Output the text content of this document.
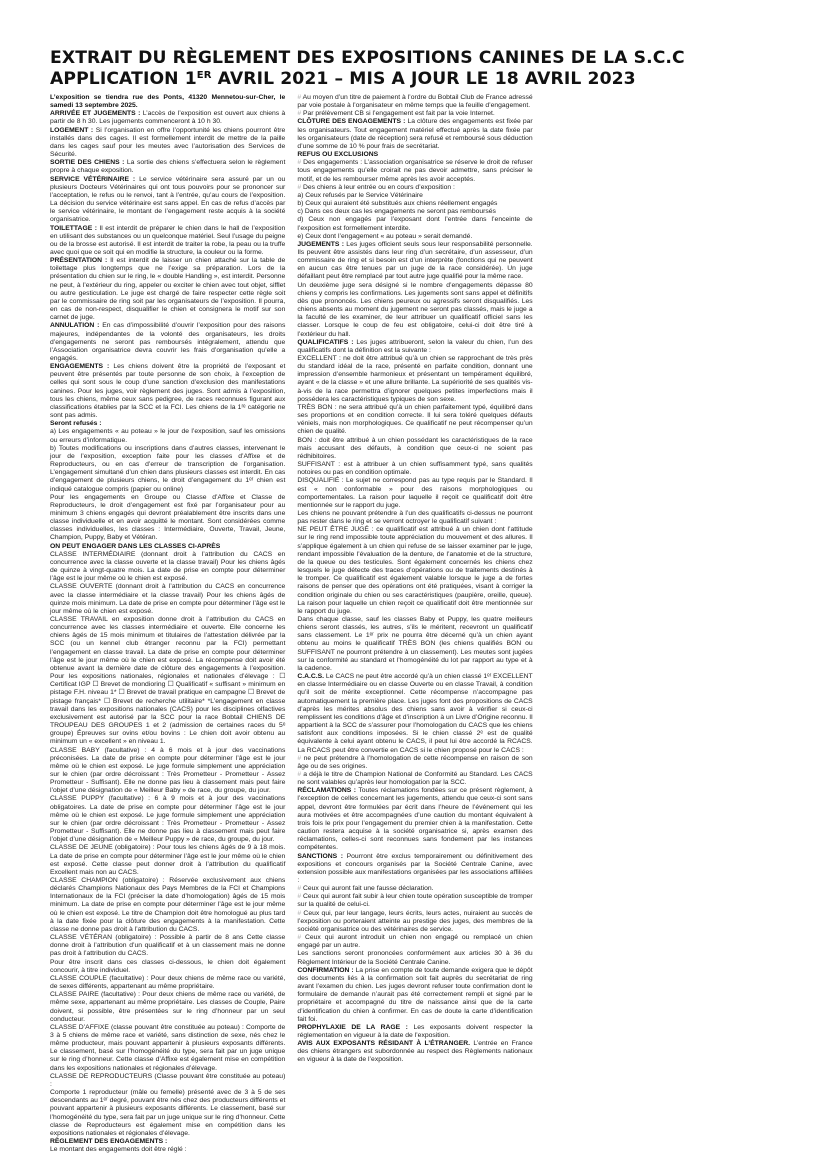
EXTRAIT DU RÈGLEMENT DES EXPOSITIONS CANINES DE LA S.C.C
APPLICATION 1ER AVRIL 2021 – MIS A JOUR LE 18 AVRIL 2023

L’exposition se tiendra rue des Ponts, 41320 Mennetou-sur-Cher, le samedi 13 septembre 2025.

ARRIVÉE ET JUGEMENTS : L’accès de l’exposition est ouvert aux chiens à partir de 8 h 30. Les jugements commenceront à 10 h 30.

LOGEMENT : Si l’organisation en offre l’opportunité les chiens pourront être installés dans des cages. Il est formellement interdit de mettre de la paille dans les cages sauf pour les meutes avec l’autorisation des Services de Sécurité.

SORTIE DES CHIENS : La sortie des chiens s’effectuera selon le règlement propre à chaque exposition.

SERVICE VÉTÉRINAIRE : Le service vétérinaire sera assuré par un ou plusieurs Docteurs Vétérinaires qui ont tous pouvoirs pour se prononcer sur l’acceptation, le refus ou le renvoi, tant à l’entrée, qu’au cours de l’exposition. La décision du service vétérinaire est sans appel. En cas de refus d’accès par le service vétérinaire, le montant de l’engagement reste acquis à la société organisatrice.

TOILETTAGE : Il est interdit de préparer le chien dans le hall de l’exposition en utilisant des substances ou un quelconque matériel. Seul l’usage du peigne ou de la brosse est autorisé. Il est interdit de traiter la robe, la peau ou la truffe avec quoi que ce soit qui en modifie la structure, la couleur ou la forme.

PRÉSENTATION : Il est interdit de laisser un chien attaché sur la table de toilettage plus longtemps que ne l’exige sa préparation. Lors de la présentation du chien sur le ring, le « double Handling », est interdit. Personne ne peut, à l’extérieur du ring, appeler ou exciter le chien avec tout objet, sifflet ou autre gesticulation. Le juge est chargé de faire respecter cette règle soit par le commissaire de ring soit par les organisateurs de l’exposition. Il pourra, en cas de non-respect, disqualifier le chien et consignera le motif sur son carnet de juge.

ANNULATION : En cas d’impossibilité d’ouvrir l’exposition pour des raisons majeures, indépendantes de la volonté des organisateurs, les droits d’engagements ne seront pas remboursés intégralement, attendu que l’Association organisatrice devra couvrir les frais d’organisation qu’elle a engagés.

ENGAGEMENTS : Les chiens doivent être la propriété de l’exposant et peuvent être présentés par toute personne de son choix, à l’exception de celles qui sont sous le coup d’une sanction d’exclusion des manifestations canines. Pour les juges, voir règlement des juges. Sont admis à l’exposition, tous les chiens, même ceux sans pedigree, de races reconnues figurant aux classifications établies par la SCC et la FCI. Les chiens de la 1ʳᵉ catégorie ne sont pas admis.

Seront refusés :

a) Les engagements « au poteau » le jour de l’exposition, sauf les omissions ou erreurs d’informatique.

b) Toutes modifications ou inscriptions dans d’autres classes, intervenant le jour de l’exposition, exception faite pour les classes d’Affixe et de Reproducteurs, ou en cas d’erreur de transcription de l’organisation. L’engagement simultané d’un chien dans plusieurs classes est interdit. En cas d’engagement de plusieurs chiens, le droit d’engagement du 1ᵉʳ chien est indiqué catalogue compris (papier ou online)

Pour les engagements en Groupe ou Classe d’Affixe et Classe de Reproducteurs, le droit d’engagement est fixé par l’organisateur pour au minimum 3 chiens engagés qui devront préalablement être inscrits dans une classe individuelle et en avoir acquitté le montant. Sont considérées comme classes individuelles, les classes : Intermédiaire, Ouverte, Travail, Jeune, Champion, Puppy, Baby et Vétéran.

ON PEUT ENGAGER DANS LES CLASSES CI-APRÈS

CLASSE INTERMÉDIAIRE (donnant droit à l’attribution du CACS en concurrence avec la classe ouverte et la classe travail) Pour les chiens âgés de quinze à vingt-quatre mois. La date de prise en compte pour déterminer l’âge est le jour même où le chien est exposé.

CLASSE OUVERTE (donnant droit à l’attribution du CACS en concurrence avec la classe intermédiaire et la classe travail) Pour les chiens âgés de quinze mois minimum. La date de prise en compte pour déterminer l’âge est le jour même où le chien est exposé.

CLASSE TRAVAIL en exposition donne droit à l’attribution du CACS en concurrence avec les classes intermédiaire et ouverte. Elle concerne les chiens âgés de 15 mois minimum et titulaires de l’attestation délivrée par la SCC (ou un kennel club étranger reconnu par la FCI) permettant l’engagement en classe travail. La date de prise en compte pour déterminer l’âge est le jour même où le chien est exposé. La récompense doit avoir été obtenue avant la dernière date de clôture des engagements à l’exposition. Pour les expositions nationales, régionales et nationales d’élevage : ☐ Certificat IGP ☐ Brevet de mondioring ☐ Qualificatif « suffisant » minimum en pistage F.H. niveau 1* ☐ Brevet de travail pratique en campagne ☐ Brevet de pistage français* ☐ Brevet de recherche utilitaire* *L’engagement en classe travail dans les expositions nationales (CACS) pour les disciplines olfactives exclusivement est autorisé par la SCC pour la race Bobtail CHIENS DE TROUPEAU DES GROUPES 1 et 2 (admission de certaines races du 5ᵉ groupe) Épreuves sur ovins et/ou bovins : Le chien doit avoir obtenu au minimum un « excellent » en niveau 1.

CLASSE BABY (facultative) : 4 à 6 mois et à jour des vaccinations préconisées. La date de prise en compte pour déterminer l’âge est le jour même où le chien est exposé. Le juge formule simplement une appréciation sur le chien (par ordre décroissant : Très Prometteur - Prometteur - Assez Prometteur - Suffisant). Elle ne donne pas lieu à classement mais peut faire l’objet d’une désignation de « Meilleur Baby » de race, du groupe, du jour.

CLASSE PUPPY (facultative) : 6 à 9 mois et à jour des vaccinations obligatoires. La date de prise en compte pour déterminer l’âge est le jour même où le chien est exposé. Le juge formule simplement une appréciation sur le chien (par ordre décroissant : Très Prometteur - Prometteur - Assez Prometteur - Suffisant). Elle ne donne pas lieu à classement mais peut faire l’objet d’une désignation de « Meilleur Puppy » de race, du groupe, du jour.

CLASSE DE JEUNE (obligatoire) : Pour tous les chiens âgés de 9 à 18 mois. La date de prise en compte pour déterminer l’âge est le jour même où le chien est exposé. Cette classe peut donner droit à l’attribution du qualificatif Excellent mais non au CACS.

CLASSE CHAMPION (obligatoire) : Réservée exclusivement aux chiens déclarés Champions Nationaux des Pays Membres de la FCI et Champions Internationaux de la FCI (préciser la date d’homologation) âgés de 15 mois minimum. La date de prise en compte pour déterminer l’âge est le jour même où le chien est exposé. Le titre de Champion doit être homologué au plus tard à la date fixée pour la clôture des engagements à la manifestation. Cette classe ne donne pas droit à l’attribution du CACS.

CLASSE VÉTÉRAN (obligatoire) : Possible à partir de 8 ans Cette classe donne droit à l’attribution d’un qualificatif et à un classement mais ne donne pas droit à l’attribution du CACS.

Pour être inscrit dans ces classes ci-dessous, le chien doit également concourir, à titre individuel.

CLASSE COUPLE (facultative) : Pour deux chiens de même race ou variété, de sexes différents, appartenant au même propriétaire.

CLASSE PAIRE (facultative) : Pour deux chiens de même race ou variété, de même sexe, appartenant au même propriétaire. Les classes de Couple, Paire doivent, si possible, être présentées sur le ring d’honneur par un seul conducteur.

CLASSE D’AFFIXE (classe pouvant être constituée au poteau) : Comporte de 3 à 5 chiens de même race et variété, sans distinction de sexe, nés chez le même producteur, mais pouvant appartenir à plusieurs exposants différents. Le classement, basé sur l’homogénéité du type, sera fait par un juge unique sur le ring d’honneur. Cette classe d’Affixe est également mise en compétition dans les expositions nationales et régionales d’élevage.

CLASSE DE REPRODUCTEURS (Classe pouvant être constituée au poteau) :

Comporte 1 reproducteur (mâle ou femelle) présenté avec de 3 à 5 de ses descendants au 1ᵉʳ degré, pouvant être nés chez des producteurs différents et pouvant appartenir à plusieurs exposants différents. Le classement, basé sur l’homogénéité du type, sera fait par un juge unique sur le ring d’honneur. Cette classe de Reproducteurs est également mise en compétition dans les expositions nationales et régionales d’élevage.

RÈGLEMENT DES ENGAGEMENTS :

Le montant des engagements doit être réglé :

# Au moyen d’un titre de paiement à l’ordre du Bobtail Club de France adressé par voie postale à l’organisateur en même temps que la feuille d’engagement.

# Par prélèvement CB si l’engagement est fait par la voie Internet.

CLÔTURE DES ENGAGEMENTS : La clôture des engagements est fixée par les organisateurs. Tout engagement matériel effectué après la date fixée par les organisateurs (date de réception) sera refusé et remboursé sous déduction d’une somme de 10 % pour frais de secrétariat.

REFUS OU EXCLUSIONS

# Des engagements : L’association organisatrice se réserve le droit de refuser tous engagements qu’elle croirait ne pas devoir admettre, sans préciser le motif, et de les rembourser même après les avoir acceptés.

# Des chiens à leur entrée ou en cours d’exposition :

a) Ceux refusés par le Service Vétérinaire

b) Ceux qui auraient été substitués aux chiens réellement engagés

c) Dans ces deux cas les engagements ne seront pas remboursés

d) Ceux non engagés par l’exposant dont l’entrée dans l’enceinte de l’exposition est formellement interdite.

e) Ceux dont l’engagement « au poteau » serait demandé.

JUGEMENTS : Les juges officient seuls sous leur responsabilité personnelle. Ils peuvent être assistés dans leur ring d’un secrétaire, d’un assesseur, d’un commissaire de ring et si besoin est d’un interprète (fonctions qui ne peuvent en aucun cas être tenues par un juge de la race considérée). Un juge défaillant peut être remplacé par tout autre juge qualifié pour la même race.

Un deuxième juge sera désigné si le nombre d’engagements dépasse 80 chiens y compris les confirmations. Les jugements sont sans appel et définitifs dès que prononcés. Les chiens peureux ou agressifs seront disqualifiés. Les chiens absents au moment du jugement ne seront pas classés, mais le juge a la faculté de les examiner, de leur attribuer un qualificatif officiel sans les classer. Lorsque le coup de feu est obligatoire, celui-ci doit être tiré à l’extérieur du hall.

QUALIFICATIFS : Les juges attribueront, selon la valeur du chien, l’un des qualificatifs dont la définition est la suivante :

EXCELLENT : ne doit être attribué qu’à un chien se rapprochant de très près du standard idéal de la race, présenté en parfaite condition, donnant une impression d’ensemble harmonieux et présentant un tempérament équilibré, ayant « de la classe » et une allure brillante. La supériorité de ses qualités vis-à-vis de la race permettra d’ignorer quelques petites imperfections mais il possédera les caractéristiques typiques de son sexe.

TRÈS BON : ne sera attribué qu’à un chien parfaitement typé, équilibré dans ses proportions et en condition correcte. Il lui sera toléré quelques défauts véniels, mais non morphologiques. Ce qualificatif ne peut récompenser qu’un chien de qualité.

BON : doit être attribué à un chien possédant les caractéristiques de la race mais accusant des défauts, à condition que ceux-ci ne soient pas rédhibitoires.

SUFFISANT : est à attribuer à un chien suffisamment typé, sans qualités notoires ou pas en condition optimale.

DISQUALIFIÉ : Le sujet ne correspond pas au type requis par le Standard. Il est « non conformable » pour des raisons morphologiques ou comportementales. La raison pour laquelle il reçoit ce qualificatif doit être mentionnée sur le rapport du juge.

Les chiens ne pouvant prétendre à l’un des qualificatifs ci-dessus ne pourront pas rester dans le ring et se verront octroyer le qualificatif suivant :

NE PEUT ÊTRE JUGÉ : ce qualificatif est attribué à un chien dont l’attitude sur le ring rend impossible toute appréciation du mouvement et des allures. Il s’applique également à un chien qui refuse de se laisser examiner par le juge, rendant impossible l’évaluation de la denture, de l’anatomie et de la structure, de la queue ou des testicules. Sont également concernés les chiens chez lesquels le juge détecte des traces d’opérations ou de traitements destinés à le tromper. Ce qualificatif est également valable lorsque le juge a de fortes raisons de penser que des opérations ont été pratiquées, visant à corriger la condition originale du chien ou ses caractéristiques (paupière, oreille, queue). La raison pour laquelle un chien reçoit ce qualificatif doit être mentionnée sur le rapport du juge.

Dans chaque classe, sauf les classes Baby et Puppy, les quatre meilleurs chiens seront classés, les autres, s’ils le méritent, recevront un qualificatif sans classement. Le 1ᵉʳ prix ne pourra être décerné qu’à un chien ayant obtenu au moins le qualificatif TRÈS BON (les chiens qualifiés BON ou SUFFISANT ne pourront prétendre à un classement). Les meutes sont jugées sur la conformité au standard et l’homogénéité du lot par rapport au type et à la cadence.

C.A.C.S. Le CACS ne peut être accordé qu’à un chien classé 1ᵉʳ EXCELLENT en classe Intermédiaire ou en classe Ouverte ou en classe Travail, à condition qu’il soit de mérite exceptionnel. Cette récompense n’accompagne pas automatiquement la première place. Les juges font des propositions de CACS d’après les mérites absolus des chiens sans avoir à vérifier si ceux-ci remplissent les conditions d’âge et d’inscription à un Livre d’Origine reconnu. Il appartient à la SCC de s’assurer pour l’homologation du CACS que les chiens satisfont aux conditions imposées. Si le chien classé 2ᵉ est de qualité équivalente à celui ayant obtenu le CACS, il peut lui être accordé la RCACS. La RCACS peut être convertie en CACS si le chien proposé pour le CACS :

# ne peut prétendre à l’homologation de cette récompense en raison de son âge ou de ses origines.

# a déjà le titre de Champion National de Conformité au Standard. Les CACS ne sont valables qu’après leur homologation par la SCC.

RÉCLAMATIONS : Toutes réclamations fondées sur ce présent règlement, à l’exception de celles concernant les jugements, attendu que ceux-ci sont sans appel, devront être formulées par écrit dans l’heure de l’événement qui les aura motivées et être accompagnées d’une caution du montant équivalent à trois fois le prix pour l’engagement du premier chien à la manifestation. Cette caution restera acquise à la société organisatrice si, après examen des réclamations, celles-ci sont reconnues sans fondement par les instances compétentes.

SANCTIONS : Pourront être exclus temporairement ou définitivement des expositions et concours organisés par la Société Centrale Canine, avec extension possible aux manifestations organisées par les associations affiliées :

# Ceux qui auront fait une fausse déclaration.

# Ceux qui auront fait subir à leur chien toute opération susceptible de tromper sur la qualité de celui-ci.

# Ceux qui, par leur langage, leurs écrits, leurs actes, nuiraient au succès de l’exposition ou porteraient atteinte au prestige des juges, des membres de la société organisatrice ou des vétérinaires de service.

# Ceux qui auront introduit un chien non engagé ou remplacé un chien engagé par un autre.

Les sanctions seront prononcées conformément aux articles 30 à 36 du Règlement Intérieur de la Société Centrale Canine.

CONFIRMATION : La prise en compte de toute demande exigera que le dépôt des documents liés à la confirmation soit fait auprès du secrétariat de ring avant l’examen du chien. Les juges devront refuser toute confirmation dont le formulaire de demande n’aurait pas été correctement rempli et signé par le propriétaire et accompagné du titre de naissance ainsi que de la carte d’identification du chien à confirmer. En cas de doute la carte d’identification fait foi.

PROPHYLAXIE DE LA RAGE : Les exposants doivent respecter la réglementation en vigueur à la date de l’exposition.

AVIS AUX EXPOSANTS RÉSIDANT À L’ÉTRANGER. L’entrée en France des chiens étrangers est subordonnée au respect des Règlements nationaux en vigueur à la date de l’exposition.
